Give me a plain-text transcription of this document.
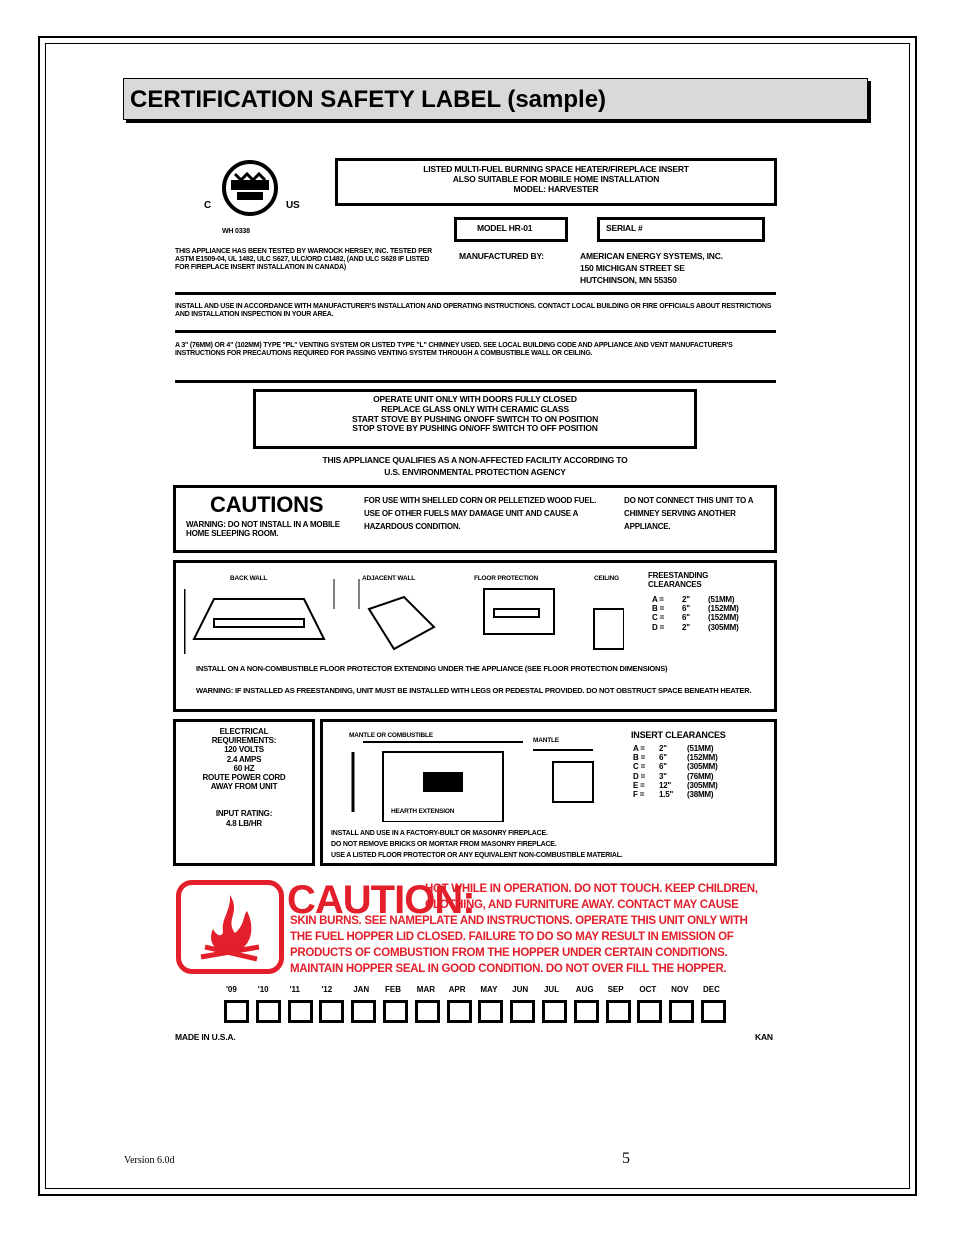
CERTIFICATION SAFETY LABEL (sample)
C	US
WH 0338
THIS APPLIANCE HAS BEEN TESTED BY WARNOCK HERSEY, INC. TESTED PER ASTM E1509-04, UL 1482, ULC S627, ULC/ORD C1482, (AND ULC S628 IF LISTED FOR FIREPLACE INSERT INSTALLATION IN CANADA)
LISTED MULTI-FUEL BURNING SPACE HEATER/FIREPLACE INSERT
ALSO SUITABLE FOR MOBILE HOME INSTALLATION
MODEL: HARVESTER
MODEL HR-01	SERIAL #
MANUFACTURED BY:	AMERICAN ENERGY SYSTEMS, INC.
150 MICHIGAN STREET SE
HUTCHINSON, MN 55350
INSTALL AND USE IN ACCORDANCE WITH MANUFACTURER'S INSTALLATION AND OPERATING INSTRUCTIONS. CONTACT LOCAL BUILDING OR FIRE OFFICIALS ABOUT RESTRICTIONS AND INSTALLATION INSPECTION IN YOUR AREA.
A 3" (76MM) OR 4" (102MM) TYPE "PL" VENTING SYSTEM OR LISTED TYPE "L" CHIMNEY USED. SEE LOCAL BUILDING CODE AND APPLIANCE AND VENT MANUFACTURER'S INSTRUCTIONS FOR PRECAUTIONS REQUIRED FOR PASSING VENTING SYSTEM THROUGH A COMBUSTIBLE WALL OR CEILING.
OPERATE UNIT ONLY WITH DOORS FULLY CLOSED
REPLACE GLASS ONLY WITH CERAMIC GLASS
START STOVE BY PUSHING ON/OFF SWITCH TO ON POSITION
STOP STOVE BY PUSHING ON/OFF SWITCH TO OFF POSITION
THIS APPLIANCE QUALIFIES AS A NON-AFFECTED FACILITY ACCORDING TO
U.S. ENVIRONMENTAL PROTECTION AGENCY
CAUTIONS
WARNING: DO NOT INSTALL IN A MOBILE HOME SLEEPING ROOM.
FOR USE WITH SHELLED CORN OR PELLETIZED WOOD FUEL. USE OF OTHER FUELS MAY DAMAGE UNIT AND CAUSE A HAZARDOUS CONDITION.
DO NOT CONNECT THIS UNIT TO A CHIMNEY SERVING ANOTHER APPLIANCE.
BACK WALL	ADJACENT WALL	FLOOR PROTECTION	CEILING	FREESTANDING CLEARANCES
A =	2"	(51MM)
B =	6"	(152MM)
C =	6"	(152MM)
D =	2"	(305MM)
INSTALL ON A NON-COMBUSTIBLE FLOOR PROTECTOR EXTENDING UNDER THE APPLIANCE (SEE FLOOR PROTECTION DIMENSIONS)
WARNING: IF INSTALLED AS FREESTANDING, UNIT MUST BE INSTALLED WITH LEGS OR PEDESTAL PROVIDED. DO NOT OBSTRUCT SPACE BENEATH HEATER.
ELECTRICAL
REQUIREMENTS:
120 VOLTS
2.4 AMPS
60 HZ
ROUTE POWER CORD
AWAY FROM UNIT
INPUT RATING:
4.8 LB/HR
MANTLE OR COMBUSTIBLE
MANTLE
HEARTH EXTENSION
INSERT CLEARANCES
A =	2"	(51MM)
B =	6"	(152MM)
C =	6"	(305MM)
D =	3"	(76MM)
E =	12"	(305MM)
F =	1.5"	(38MM)
INSTALL AND USE IN A FACTORY-BUILT OR MASONRY FIREPLACE.
DO NOT REMOVE BRICKS OR MORTAR FROM MASONRY FIREPLACE.
USE A LISTED FLOOR PROTECTOR OR ANY EQUIVALENT NON-COMBUSTIBLE MATERIAL.
CAUTION:
HOT WHILE IN OPERATION. DO NOT TOUCH. KEEP CHILDREN,
CLOTHING, AND FURNITURE AWAY. CONTACT MAY CAUSE
SKIN BURNS. SEE NAMEPLATE AND INSTRUCTIONS. OPERATE THIS UNIT ONLY WITH
THE FUEL HOPPER LID CLOSED. FAILURE TO DO SO MAY RESULT IN EMISSION OF
PRODUCTS OF COMBUSTION FROM THE HOPPER UNDER CERTAIN CONDITIONS.
MAINTAIN HOPPER SEAL IN GOOD CONDITION. DO NOT OVER FILL THE HOPPER.
'09	'10	'11	'12	JAN	FEB	MAR	APR	MAY	JUN	JUL	AUG	SEP	OCT	NOV	DEC
MADE IN U.S.A.	KAN
Version 6.0d	5
